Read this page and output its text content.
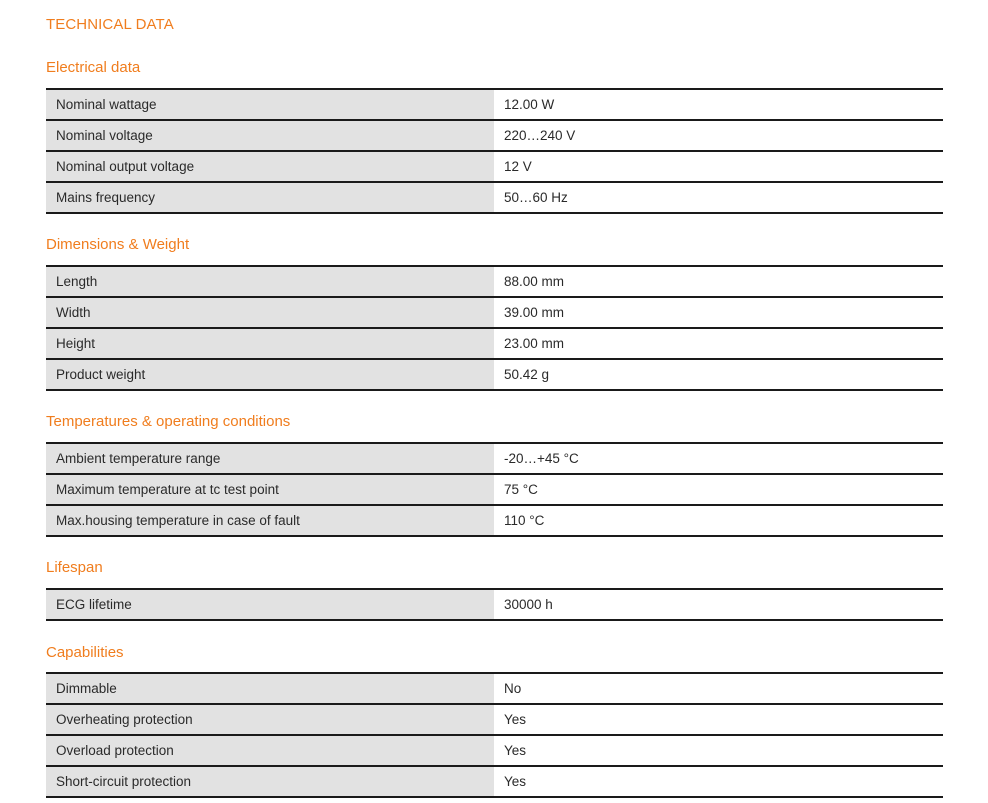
TECHNICAL DATA
Electrical data
Nominal wattage	12.00 W
Nominal voltage	220…240 V
Nominal output voltage	12 V
Mains frequency	50…60 Hz
Dimensions & Weight
Length	88.00 mm
Width	39.00 mm
Height	23.00 mm
Product weight	50.42 g
Temperatures & operating conditions
Ambient temperature range	-20…+45 °C
Maximum temperature at tc test point	75 °C
Max.housing temperature in case of fault	110 °C
Lifespan
ECG lifetime	30000 h
Capabilities
Dimmable	No
Overheating protection	Yes
Overload protection	Yes
Short-circuit protection	Yes
